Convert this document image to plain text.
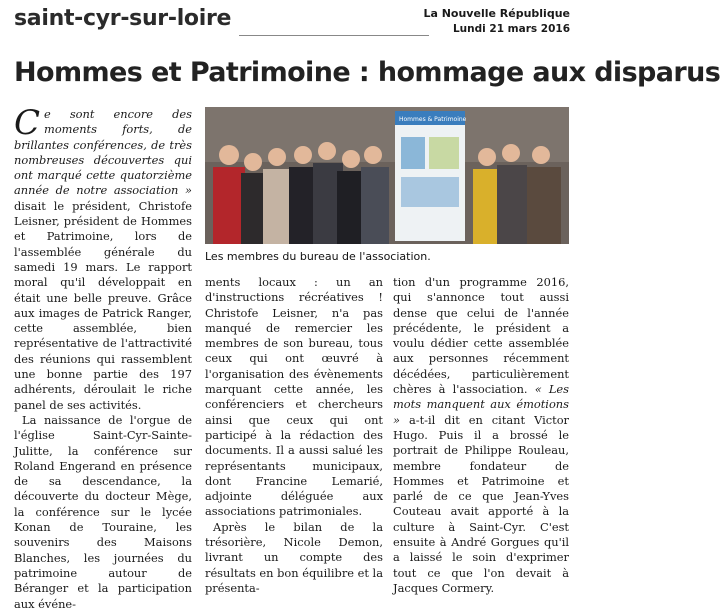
saint-cyr-sur-loire	La Nouvelle République
Lundi 21 mars 2016
Hommes et Patrimoine : hommage aux disparus

Ce sont encore des moments forts, de brillantes conférences, de très nombreuses découvertes qui ont marqué cette quatorzième année de notre association » disait le président, Christofe Leisner, président de Hommes et Patrimoine, lors de l'assemblée générale du samedi 19 mars. Le rapport moral qu'il développait en était une belle preuve. Grâce aux images de Patrick Ranger, cette assemblée, bien représentative de l'attractivité des réunions qui rassemblent une bonne partie des 197 adhérents, déroulait le riche panel de ses activités.

La naissance de l'orgue de l'église Saint-Cyr-Sainte-Julitte, la conférence sur Roland Engerand en présence de sa descendance, la découverte du docteur Mège, la conférence sur le lycée Konan de Touraine, les souvenirs des Maisons Blanches, les journées du patrimoine autour de Béranger et la participation aux événe-

Hommes & Patrimoine
Les membres du bureau de l'association.

ments locaux : un an d'instructions récréatives ! Christofe Leisner, n'a pas manqué de remercier les membres de son bureau, tous ceux qui ont œuvré à l'organisation des évènements marquant cette année, les conférenciers et chercheurs ainsi que ceux qui ont participé à la rédaction des documents. Il a aussi salué les représentants municipaux, dont Francine Lemarié, adjointe déléguée aux associations patrimoniales.

Après le bilan de la trésorière, Nicole Demon, livrant un compte des résultats en bon équilibre et la présenta-

tion d'un programme 2016, qui s'annonce tout aussi dense que celui de l'année précédente, le président a voulu dédier cette assemblée aux personnes récemment décédées, particulièrement chères à l'association. « Les mots manquent aux émotions » a-t-il dit en citant Victor Hugo. Puis il a brossé le portrait de Philippe Rouleau, membre fondateur de Hommes et Patrimoine et parlé de ce que Jean-Yves Couteau avait apporté à la culture à Saint-Cyr. C'est ensuite à André Gorgues qu'il a laissé le soin d'exprimer tout ce que l'on devait à Jacques Cormery.
